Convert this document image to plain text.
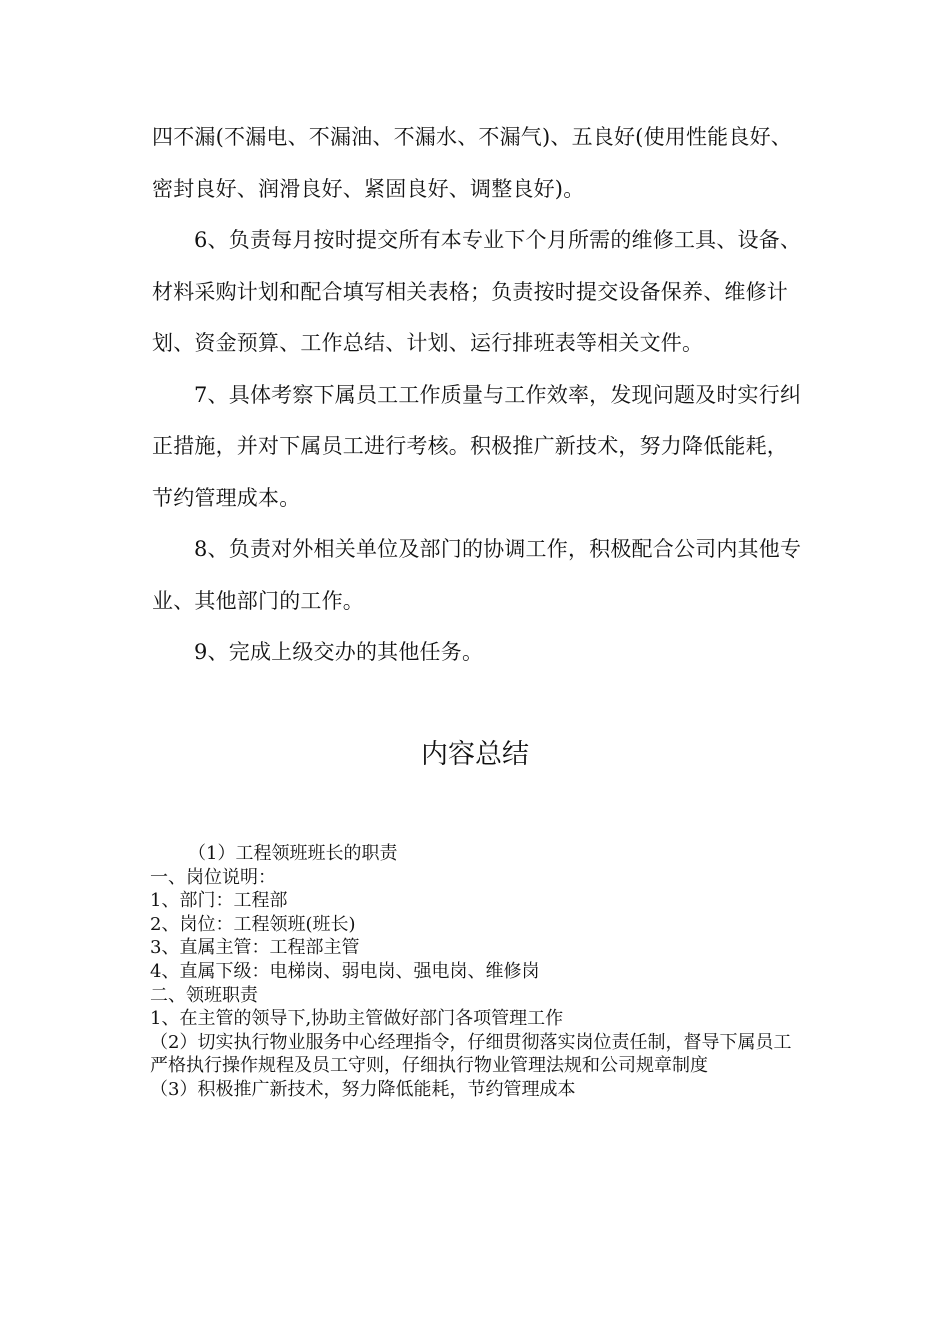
四不漏(不漏电、不漏油、不漏水、不漏气)、五良好(使用性能良好、密封良好、润滑良好、紧固良好、调整良好)。

6、负责每月按时提交所有本专业下个月所需的维修工具、设备、材料采购计划和配合填写相关表格；负责按时提交设备保养、维修计划、资金预算、工作总结、计划、运行排班表等相关文件。

7、具体考察下属员工工作质量与工作效率，发现问题及时实行纠正措施，并对下属员工进行考核。积极推广新技术，努力降低能耗，节约管理成本。

8、负责对外相关单位及部门的协调工作，积极配合公司内其他专业、其他部门的工作。

9、完成上级交办的其他任务。

内容总结

（1）工程领班班长的职责

一、岗位说明：

1、部门：工程部

2、岗位：工程领班(班长)

3、直属主管：工程部主管

4、直属下级：电梯岗、弱电岗、强电岗、维修岗

二、领班职责

1、在主管的领导下,协助主管做好部门各项管理工作

（2）切实执行物业服务中心经理指令，仔细贯彻落实岗位责任制，督导下属员工严格执行操作规程及员工守则，仔细执行物业管理法规和公司规章制度

（3）积极推广新技术，努力降低能耗，节约管理成本
